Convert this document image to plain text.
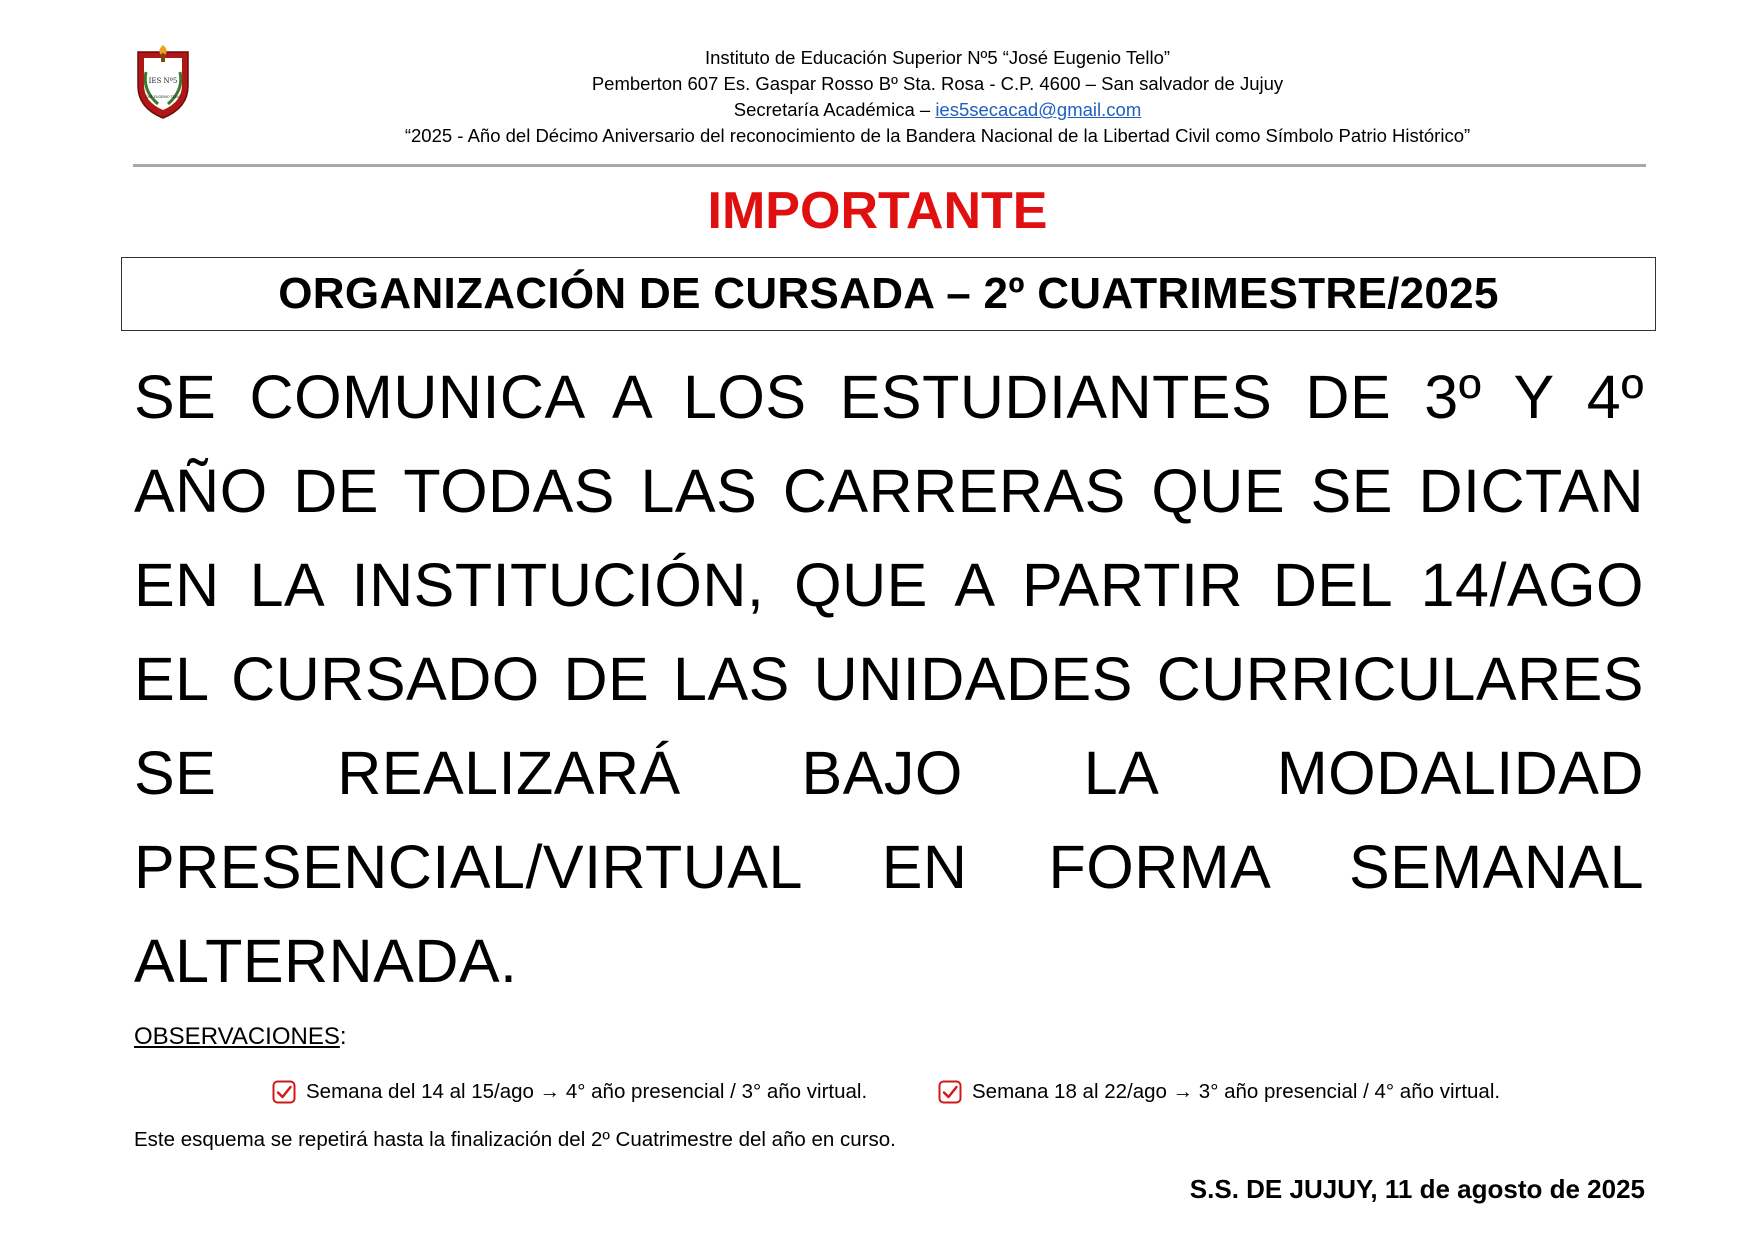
IES Nº5
JOSE EUGENIO TELLO
Instituto de Educación Superior Nº5 “José Eugenio Tello”
Pemberton 607 Es. Gaspar Rosso Bº Sta. Rosa - C.P. 4600 – San salvador de Jujuy
Secretaría Académica – ies5secacad@gmail.com
“2025 - Año del Décimo Aniversario del reconocimiento de la Bandera Nacional de la Libertad Civil como Símbolo Patrio Histórico”
IMPORTANTE
ORGANIZACIÓN DE CURSADA – 2º CUATRIMESTRE/2025
SE COMUNICA A LOS ESTUDIANTES DE 3º Y 4º AÑO DE TODAS LAS CARRERAS QUE SE DICTAN EN LA INSTITUCIÓN, QUE A PARTIR DEL 14/AGO EL CURSADO DE LAS UNIDADES CURRICULARES SE REALIZARÁ BAJO LA MODALIDAD PRESENCIAL/VIRTUAL EN FORMA SEMANAL ALTERNADA.
OBSERVACIONES:
Semana del 14 al 15/ago → 4° año presencial / 3° año virtual.	Semana 18 al 22/ago → 3° año presencial / 4° año virtual.
Este esquema se repetirá hasta la finalización del 2º Cuatrimestre del año en curso.
S.S. DE JUJUY, 11 de agosto de 2025
